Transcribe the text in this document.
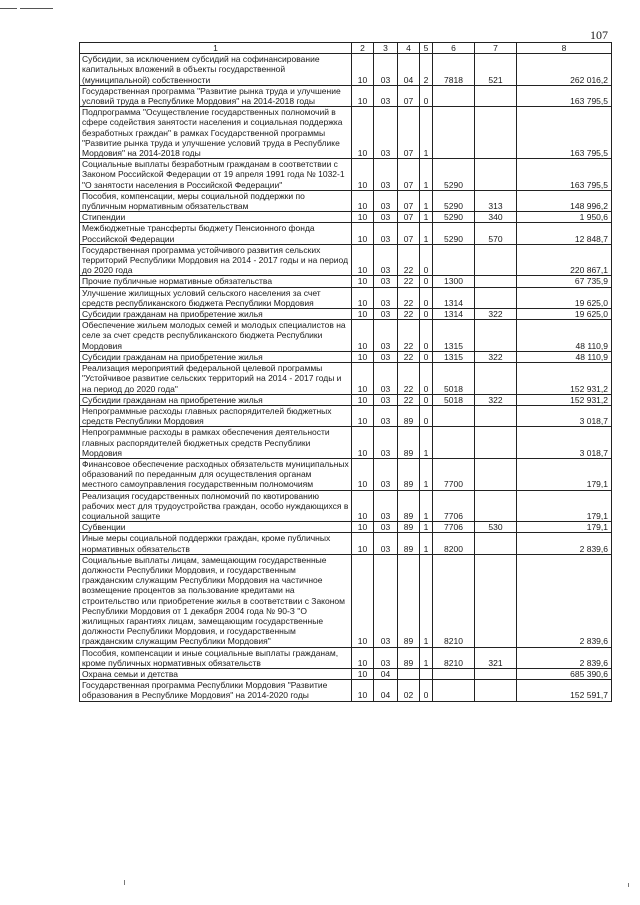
107
1	2	3	4	5	6	7	8
Субсидии, за исключением субсидий на софинансирование капитальных вложений в объекты государственной (муниципальной) собственности	10	03	04	2	7818	521	262 016,2
Государственная программа "Развитие рынка труда и улучшение условий труда в Республике Мордовия" на 2014-2018 годы	10	03	07	0			163 795,5
Подпрограмма "Осуществление государственных полномочий в сфере содействия занятости населения и социальная поддержка безработных граждан" в рамках Государственной программы "Развитие рынка труда и улучшение условий труда в Республике Мордовия" на 2014-2018 годы	10	03	07	1			163 795,5
Социальные выплаты безработным гражданам в соответствии с Законом Российской Федерации от 19 апреля 1991 года № 1032-1 "О занятости населения в Российской Федерации"	10	03	07	1	5290		163 795,5
Пособия, компенсации, меры социальной поддержки по публичным нормативным обязательствам	10	03	07	1	5290	313	148 996,2
Стипендии	10	03	07	1	5290	340	1 950,6
Межбюджетные трансферты бюджету Пенсионного фонда Российской Федерации	10	03	07	1	5290	570	12 848,7
Государственная программа устойчивого развития сельских территорий Республики Мордовия на 2014 - 2017 годы и на период до 2020 года	10	03	22	0			220 867,1
Прочие публичные нормативные обязательства	10	03	22	0	1300		67 735,9
Улучшение жилищных условий сельского населения за счет средств республиканского бюджета Республики Мордовия	10	03	22	0	1314		19 625,0
Субсидии гражданам на приобретение жилья	10	03	22	0	1314	322	19 625,0
Обеспечение жильем молодых семей и молодых специалистов на селе за счет средств республиканского бюджета Республики Мордовия	10	03	22	0	1315		48 110,9
Субсидии гражданам на приобретение жилья	10	03	22	0	1315	322	48 110,9
Реализация мероприятий федеральной целевой программы "Устойчивое развитие сельских территорий на 2014 - 2017 годы и на период до 2020 года"	10	03	22	0	5018		152 931,2
Субсидии гражданам на приобретение жилья	10	03	22	0	5018	322	152 931,2
Непрограммные расходы главных распорядителей бюджетных средств Республики Мордовия	10	03	89	0			3 018,7
Непрограммные расходы в рамках обеспечения деятельности главных распорядителей бюджетных средств Республики Мордовия	10	03	89	1			3 018,7
Финансовое обеспечение расходных обязательств муниципальных образований по переданным для осуществления органам местного самоуправления государственным полномочиям	10	03	89	1	7700		179,1
Реализация государственных полномочий по квотированию рабочих мест для трудоустройства граждан, особо нуждающихся в социальной защите	10	03	89	1	7706		179,1
Субвенции	10	03	89	1	7706	530	179,1
Иные меры социальной поддержки граждан, кроме публичных нормативных обязательств	10	03	89	1	8200		2 839,6
Социальные выплаты лицам, замещающим государственные должности Республики Мордовия, и государственным гражданским служащим Республики Мордовия на частичное возмещение процентов за пользование кредитами на строительство или приобретение жилья в соответствии с Законом Республики Мордовия от 1 декабря 2004 года № 90-З "О жилищных гарантиях лицам, замещающим государственные должности Республики Мордовия, и государственным гражданским служащим Республики Мордовия"	10	03	89	1	8210		2 839,6
Пособия, компенсации и иные социальные выплаты гражданам, кроме публичных нормативных обязательств	10	03	89	1	8210	321	2 839,6
Охрана семьи и детства	10	04					685 390,6
Государственная программа Республики Мордовия "Развитие образования в Республике Мордовия" на 2014-2020 годы	10	04	02	0			152 591,7
